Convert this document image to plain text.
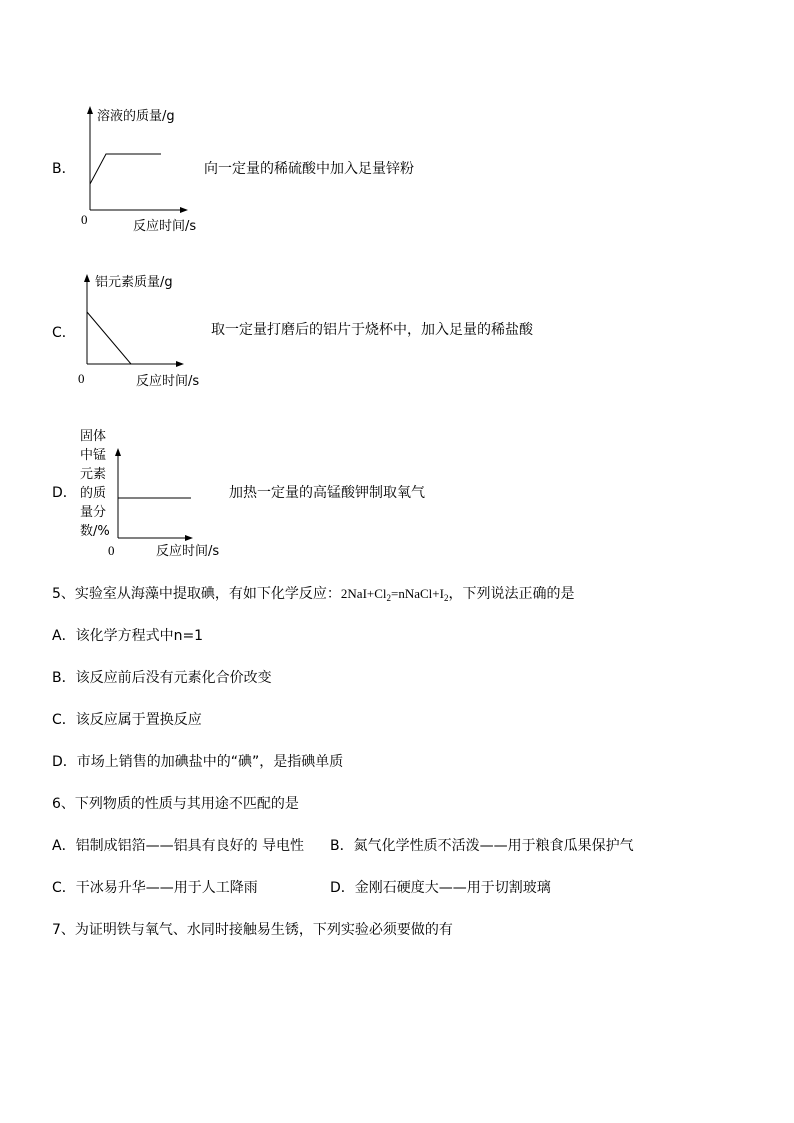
B．
溶液的质量/g
0	反应时间/s
向一定量的稀硫酸中加入足量锌粉
C．
铝元素质量/g
0	反应时间/s
取一定量打磨后的铝片于烧杯中，加入足量的稀盐酸
D．
固体
中锰
元素
的质
量分
数/%
0	反应时间/s
加热一定量的高锰酸钾制取氧气
5、实验室从海藻中提取碘，有如下化学反应：$2NaI+Cl_2=nNaCl+I_2$，下列说法正确的是
A．该化学方程式中n=1
B．该反应前后没有元素化合价改变
C．该反应属于置换反应
D．市场上销售的加碘盐中的“碘”，是指碘单质
6、下列物质的性质与其用途不匹配的是
A．铝制成铝箔——铝具有良好的 导电性 B．氮气化学性质不活泼——用于粮食瓜果保护气
C．干冰易升华——用于人工降雨	D．金刚石硬度大——用于切割玻璃
7、为证明铁与氧气、水同时接触易生锈，下列实验必须要做的有
